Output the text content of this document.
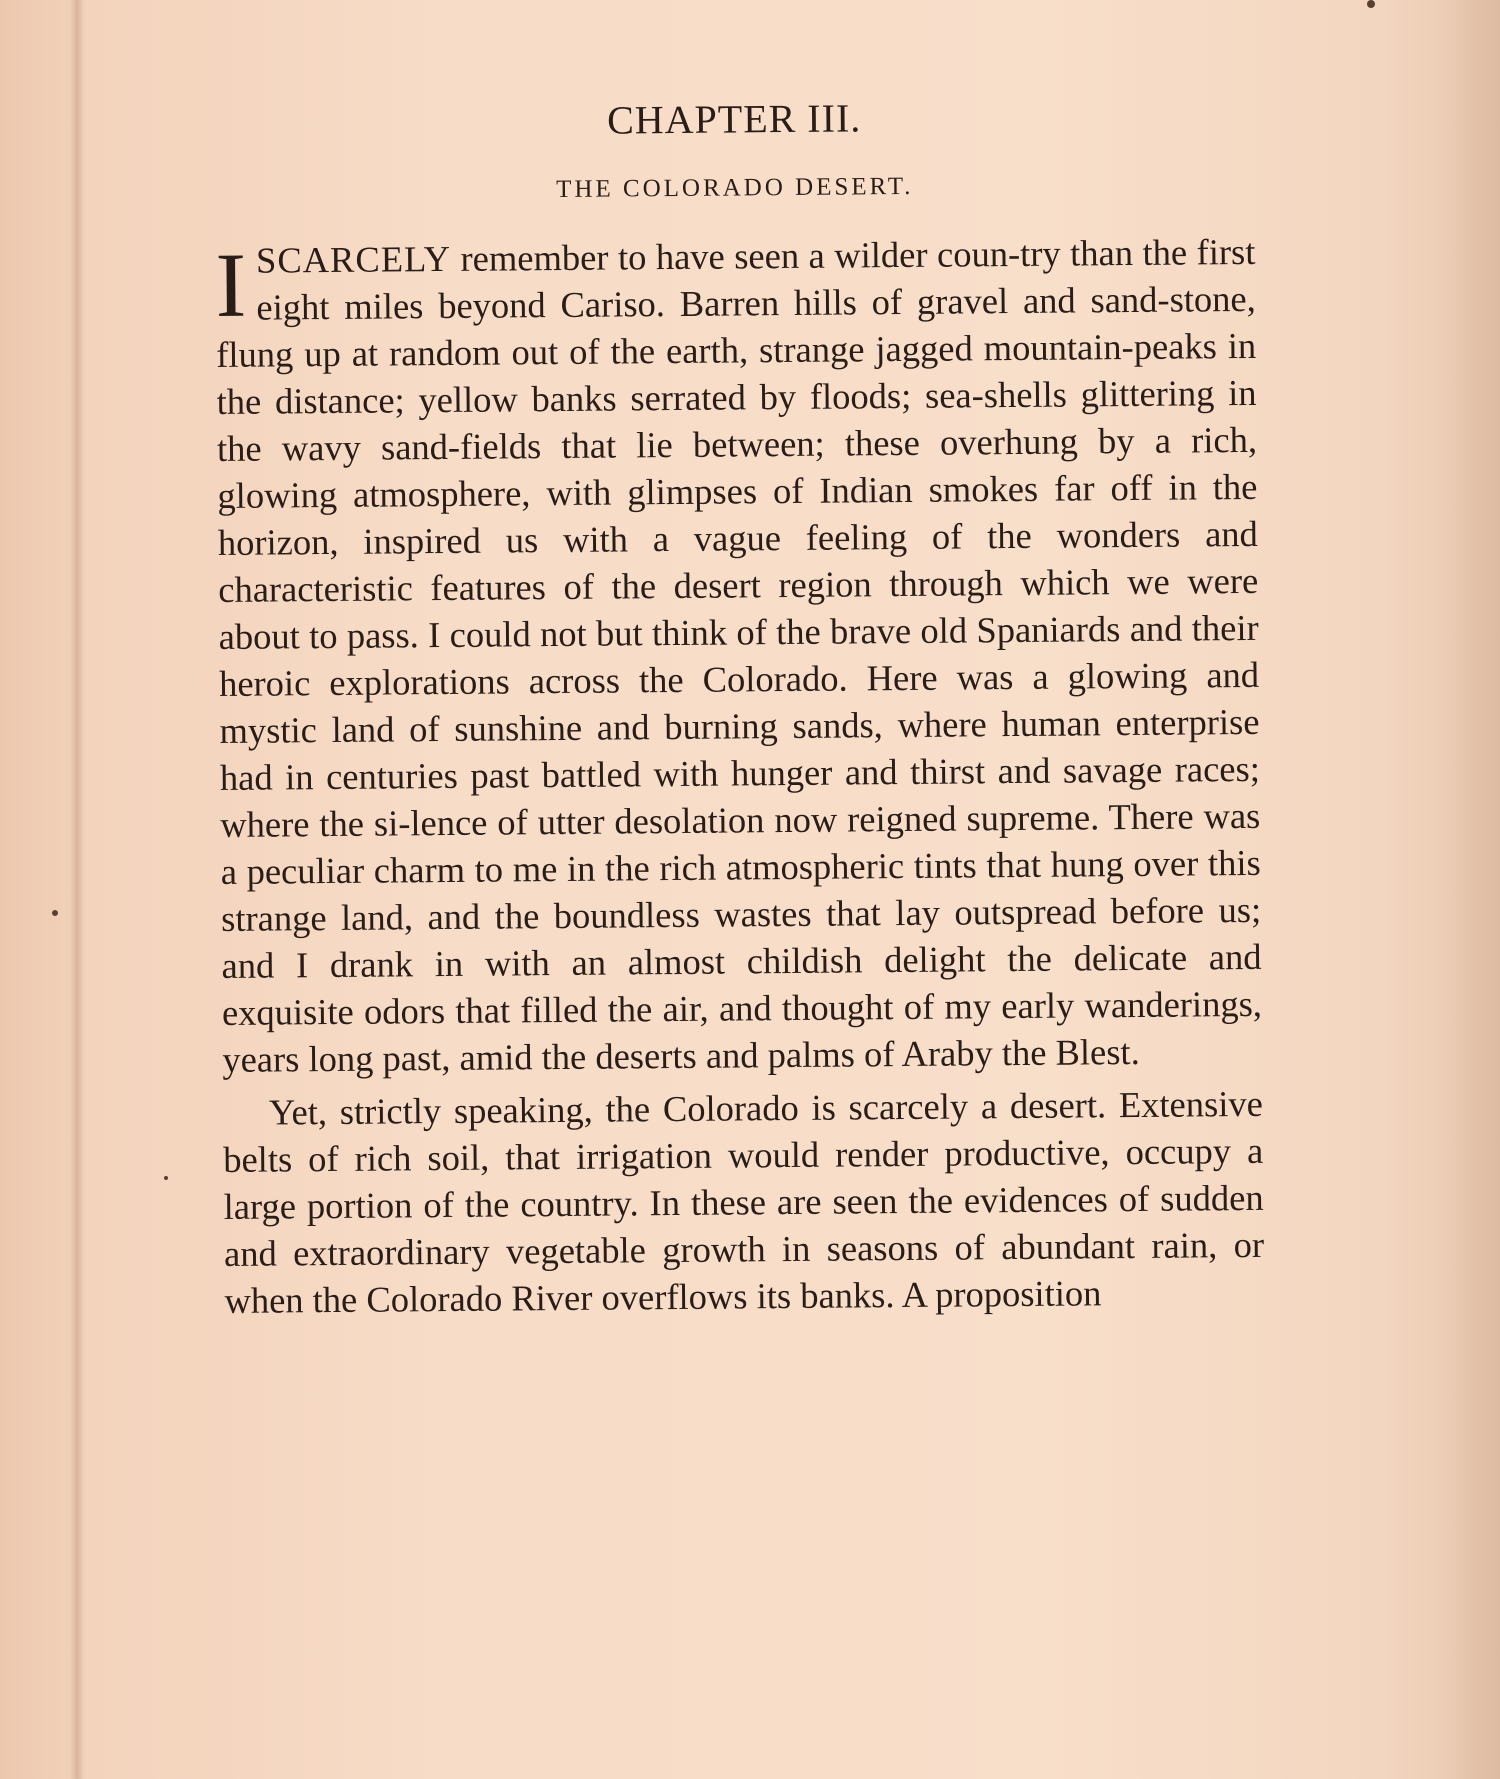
CHAPTER III.
THE COLORADO DESERT.

ISCARCELY remember to have seen a wilder coun-try than the first eight miles beyond Cariso. Barren hills of gravel and sand-stone, flung up at random out of the earth, strange jagged mountain-peaks in the distance; yellow banks serrated by floods; sea-shells glittering in the wavy sand-fields that lie between; these overhung by a rich, glowing atmosphere, with glimpses of Indian smokes far off in the horizon, inspired us with a vague feeling of the wonders and characteristic features of the desert region through which we were about to pass. I could not but think of the brave old Spaniards and their heroic explorations across the Colorado. Here was a glowing and mystic land of sunshine and burning sands, where human enterprise had in centuries past battled with hunger and thirst and savage races; where the si-lence of utter desolation now reigned supreme. There was a peculiar charm to me in the rich atmospheric tints that hung over this strange land, and the boundless wastes that lay outspread before us; and I drank in with an almost childish delight the delicate and exquisite odors that filled the air, and thought of my early wanderings, years long past, amid the deserts and palms of Araby the Blest.

Yet, strictly speaking, the Colorado is scarcely a desert. Extensive belts of rich soil, that irrigation would render productive, occupy a large portion of the country. In these are seen the evidences of sudden and extraordinary vegetable growth in seasons of abundant rain, or when the Colorado River overflows its banks. A proposition
